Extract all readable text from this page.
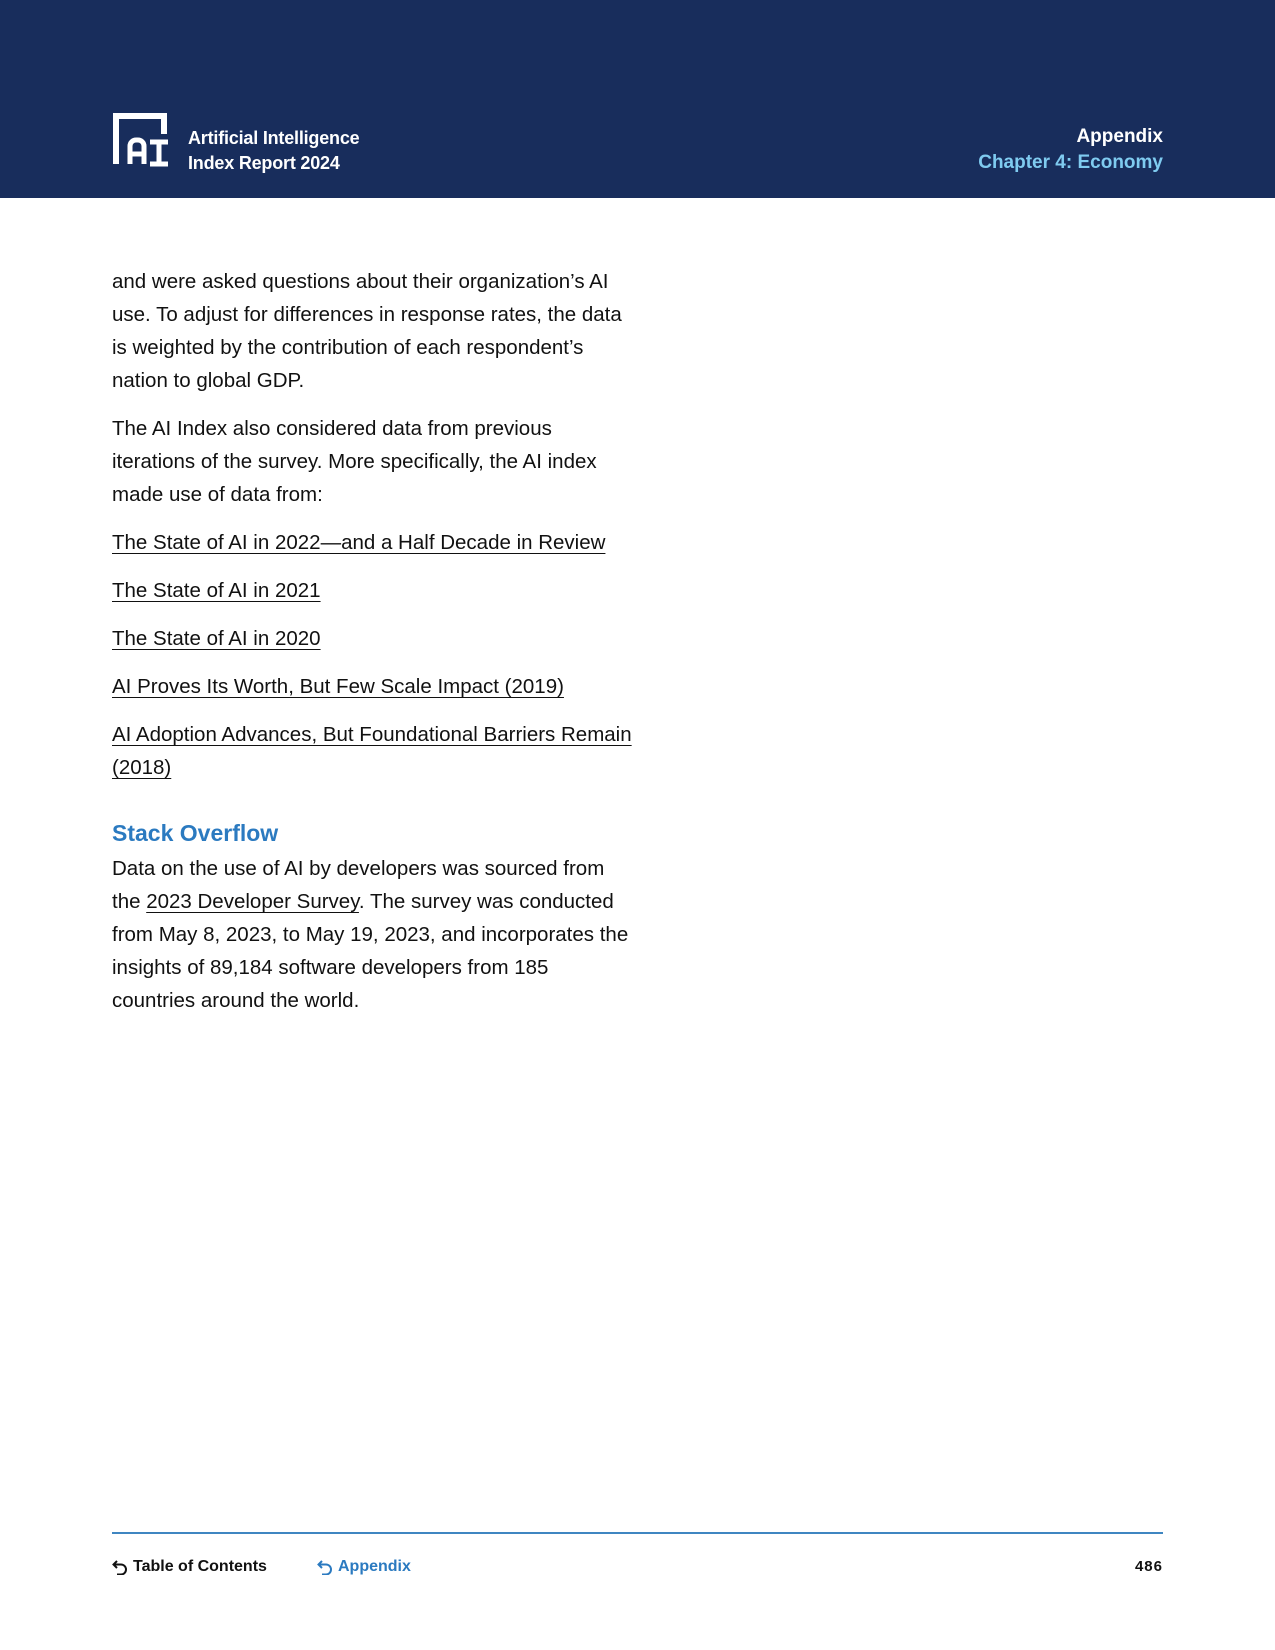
Artificial Intelligence
Index Report 2024
Appendix
Chapter 4: Economy

and were asked questions about their organization’s AI use. To adjust for differences in response rates, the data is weighted by the contribution of each respondent’s nation to global GDP.

The AI Index also considered data from previous iterations of the survey. More specifically, the AI index made use of data from:

The State of AI in 2022—and a Half Decade in Review

The State of AI in 2021

The State of AI in 2020

AI Proves Its Worth, But Few Scale Impact (2019)

AI Adoption Advances, But Foundational Barriers Remain (2018)

Stack Overflow

Data on the use of AI by developers was sourced from the 2023 Developer Survey. The survey was conducted from May 8, 2023, to May 19, 2023, and incorporates the insights of 89,184 software developers from 185 countries around the world.

Table of Contents	Appendix	486
